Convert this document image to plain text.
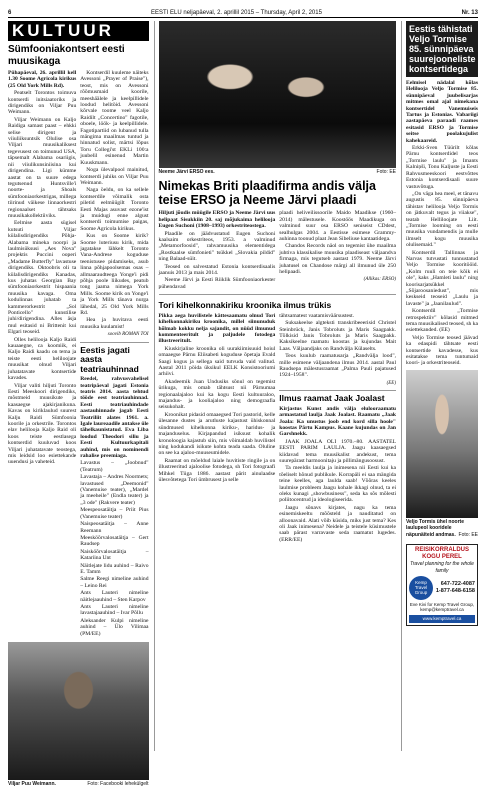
6	EESTI ELU neljapäeval, 2. aprillil 2015 – Thursday, April 2, 2015	Nr. 13
KULTUUR
Sümfooniakontsert eesti muusikaga

Pühapäeval, 26. aprillil kell 1.30 Soome Agricola kirikus (25 Old York Mills Rd).

Peatselt Torontos toimuva kontserdi initsiaatoriks ja dirigendiks on Viljar Puu Weimann.

Viljar Weimann on Kaljo Raidiga samast paast – ehkki selise dirigent ja viiuliiksuntsik Olulise osa Viljari muusikaliksest tegevusest on toimunud USA, täpsemalt Alabama osariigis, nii viiulikunsiniisina kui dirigendina. Ligi kümme aastat on ta suure edega tegutsenud Huntsville'i noorte- ja Shoals sümfooniaorkestrigas, millega tiirinud väikese linnaorkestri regionaalset tähtsaks muusikakollektiiviks.

Eelmise aasta sügisel kutsuti Viljar külalisdirigendiks Põhja-Alabama mineka noorpi ja laulmisüksusi „Aes Nova" projektis Puccini ooperi „Madame Butterfly" lavastuse dirigendiks. Oktoobris oli ta külalisdirigendiks Kanadas, kus juhatas Georgian Bay sümfooniaorkestrit hispaania muusika kavaga. Oma kodulinnas juhatab ta kammerorkestrit „Sol Ponticello" kunstilise juhi/dirigendina. Alles äsja mul esitasid ni Brittenit kui Elgari teoseid.

Olles heliloojа Kaljo Raidi kauaaegne, ca koomiik, ei Kaljo Raidi kaadu on tema ja teiste eesti heliloojate muusikat olnud Viljari juhatatavate kontsertide kavades.

Viljar valiti hiljuti Toronto Eesti Meeskoori dirigendiks, mõstmeid muusikute ja kaasaegse ajakirjanikuna. Kavas on kiriklaulud suurest Kalju Raidi Sümfoonia koorile ja orkestrile. Torontos elav helilooja Kaljo Raid oli koos teiste eestlasega kontserdid kuuluvad koos Viljari juhatatavate teostega, mis leidsid loo esiettekande uuendusi ja vaheteid.

Kontserdil kuuleme näiteks Avessoni „Prayer of Praise"), teost, mis on Avessoni rõõmusmaid koorile, meeshäälele ja keelpillidele loodud helitöid. Avessoni kõrvale toome veel Kaljo Raidilt „Concertino" fagotile, oboele, löök- ja keelpillidele. Fagotipartiid on lubanud tulla mängima maailmas tuntud ja hinnatud solist, märtsi lõpus Toru Collegi'st EKLi 100:a juubelil esinenud Martin Kuuskmann.

Noga ülevalpool mainitud, kontserdi juhiks on Viljar Puu Weimann.

Naga öeldu, on ka sellele kontserdile võimalik osta piletid eelmüügilt Toronto Eesti Majas asuvast ezone'ist ja muidugi enne algust kontserdi toimumise paigas, Soome Agricola kirikus.

Kus on Soome kirik? Soome luteriusu kirik, mida jagatakse lähkelt Toronto Vana-Andrese kogudusе teenistusеe pidamiseks, asub linna põhjapoolsemas osas – allmaaraudteega Yonge'i pidi põhja poole liikudes, peatub tong jaama nimega York Mills. Soome kirik on Yonge'i ja York Mills tänava nurga lähedal, 25 Old York Mills Rd.

Hea ja huvitava eesti muusika kuulamist!

soovib ROMAN TOI
Eestis jagati aasta teatriauhinnad

Reedel, rahvusvahelisel teatripäeval jagati Estonia teatris 2014. aasta tehtud tööde eest teatriauhinnad. Eesti teatriauhindade aastauhinnade jagab Eesti Teatriliit alates 1961. a. Igale laureaadile antakse üle tähelkaunistatud. Eva Liba loodud Theodori siliu ja Eesti Kultuurkapitali auhind, mis on nominendi rahalise preemiaga.

Lavastus – „Joobnud" (Teatrum)

Lavastaja – Andres Noormets; lavastused „Deemonid" (Vanemuise teater), „Mardel ja meeheile" (Endla teater) ja „3 ode" (Rakvere teater)

Meespeosatäitja – Priit Pius (Vanemuise teater)

Naispeosatäitja – Anne Reemann

Meesköõrvalosatäitja – Gert Raudsep

Naisköõrvalosatäitja – Katariina Unt

Näitlejate lidu auhind – Raivo E. Tamm

Salme Reegi nimeline auhind – Leino Rei

Ants Lauteri nimeline näitlejaauhind – Sten Karpov

Ants Lauteri nimeline lavastajaauhind – Ivar Põllu

Aleksander Kulpi nimeline auhind – Ülo Vilimaa (PM/EE)

Viljar Puu Weimann.	Foto: Facebooki lehekülgelt
Neeme Järvi ERSO ees.	Foto: EE
Nimekas Briti plaadifirma andis välja teise ERSO ja Neeme Järvi plaadi

Hiljuti jõudis müügile ERSO ja Neeme Järvi uus helipaat Sisukkiin 20. saj mõjukaima helilooja Eugen Suchoni (1908–1993) orkestriteostega.

Plaadile on jäädvustatud Eugen Suchoni kaalsaim orkestriteos, 1953. a valminud „Metamorfoosid", rahvamuusika elementidega „Rostkaalse sümfonieti" tsükkel „Slovakia pildid" ning Balaad-süit.

Teosed on salvestatud Estonia kontserdisaalis jaanuis 2013 ja mais 2014.

Neeme Järvi ja Eesti Riiklik Sümfooniaorkester pühendavad

plaadi heliveilissoorile Maido Maadikse (1960–2014) mälestusele. Koostöös Maadikuga on valminud suur osa ERSO seniseist CDdest, sealhulgas 2004. a Eestisse esimese Grammy-auhinna toonud plaat Jean Sibeliuse kantaatidega.

Chandos Records näol on tegemist ühe maailma juhtiva klassikalise muusika plaadiseast väljaandva firmaga, mis tegutseb aastast 1979. Neeme Järvi juhatusel on Chandose märgi all ilmunud üle 250 helipaadi.

(Allikas: ERSO)
Tori kihelkonnakiriku kroonika ilmus trükis

Pikka aega huvilistele kättesaamatu olnud Tori kihelkonnakiriku kroonika, millel siinunuduk hõlmab kokku neljа sajandit, on nüüd ilmunud kommenteeritult ja paljudele fotodega illustreeritult.

Kiuskirjaline kroonika oli uurakiimisuuid hoiul omaaegse Pärnu Eliisabeti kogudusе õpetaja Evald Saagi kogus ja sellega said tutvuda vaid valitud. Aastal 2011 pöida üksikul EELK Konsistooriumi arhiivi.

Akadeemik Juan Undusiks sõnul on tegemist ürikuga, mis omab tähtsust nii Pärnumaa regionaalajaloo kui ka kogu Eesti kultuuraloo, majandus- ja kooliajaloo ning demograafia seisukohalt.

Kroonikat pidasid omaaegsed Tori pastorid, kelle ülesanne dustes ja arutluste kajastust ühiskonnal sündmused kihelkonna kiriku-, haridus- ja majanduselus. Kirjapandud isiksust kohalik kronoloogia kajastub siin, mis võimaldab huvilistel ning kodukandi isikute kohta teada saada. Oluline on see ka ajaloo-muuseumidele.

Raamat on mõeldud laiale huvitiste ringile ja on illustreeritud ajaloolise fotodega, sh Tori fotograafi Mihkel Tiiga 1886. aastast pärit ainulaadse ülesvõtetega Tori ümbrusest ja selle

tähtsamatest vaatamisväärsustest.

Suksakeelse algteksti transkribeeerisid Christel Steinbrück, Janis Tobroluts ja Maris Saagpakk. Tõlkisid Janis Tobroluts ja Maris Saagpakk. Kaksikeelne raamatu koostas ja kujundas Mait Laas. Väljaandjaks on Randvälja Külaselts.

Teos kuulub raamatusarja „Randvälja lood", mille esimene väljaandena ilmus 2014. aastal Paul Raudsepa mälestusraamat „Palmа Pauli pajatused 1924–1958".

(EE)
Ilmus raamat Jaak Joalast

Kirjastus Kunst andis välja elulooraamatu armastatud laulja Jaak Joalast. Raamatu „Jaak Joala: Ka unustus joob end kord silla hoole" koostas Pärtu Kampus. Kaane kujundas on Jan Garshnekk.

JAAK JOALA OLI 1970.–80. AASTATEL EESTI PARIM LAULJA. Jaagu kaasaegsed kiidavad tema muusikalist andekust, tema suurepärast harmoonitaju ja pillimängusoosust.

Ta meeldis laulja ja inimesena nii Eesti kui ka tõeliselt hõnud publikule. Korrapäli ei saa mängida teine keelles, aga laulda saab! Võõras keeles laulmise probleem Jaagu kohale ikkagi olnud, ta ei oleks kunagi „showbusiness", seda ka sõs mõlesti poliitocentrud ja ideologiseerida.

Jaagu sõnаvs kirjаtes, nagu ka tema esinemiskeeltu mõõsteld ja nauditatud on alloonavaid. Alati võib küsida, miks just tema? Kes oli Jaak inimesenа? Neidele ja teistele küsimustele saab pärast varravaste seda raamatut lugedes. (ERR/EE)

Eestis tähistati Veljo Tormise 85. sünnipäeva suurejooneliste kontsertidega

Eelmisel nädalal kõlas Helilooja Veljo Tormise 85. sünnipäeval juubelisarjas mitmes omal ajal nimekana kontsertidel Vanemuiseis Tartus ja Estonias. Vabariigi aastapäeva paraadi raames esitasid ERSO ja Tormise seitse poolakujulist kahekaareid.

Erkki-Sven Tüürilt kõlas Pärnu kontserdidel teos „Tormise laulu" ja Imants Kalniņši, Tonu Kaljuste ja Eesti Rahvusmeeskoori eestvõttes Estonia kontserdisaali suure vastuvõtuga.

„On väga hea meel, et tänavu augustis 85. sünnipäeva tähistav helilooja Veljo Tormis on jätkuvalt tegus ja viiakse", teatab Helliloojate Liit. „Tormise looming on eesti muusika vundamendis ja mulle ilmselt kogu muusika olulisemaid."

Kontserdil Tallinnas ja Narvas tutvustati tunnustatud Veljo Tormise kooritööid. „Kolm ruuli on teie kõik ei ole", kaks „Hamleti laulu" ning koorisarjatsükkel „Sõjaroosaniedust", mis keskseid teoseid „Laulu ja lavaste" ja „Jaanilaulud".

Kontserdil „Tormise retrospektiiv" kõlasid mitmed tema muusikalised teosed, sh ka esiettekanded. (EE)

Veljo Tormise teosed jäävad ka edaspidi tähtsate eesti kontsertide kavadesse, kus esitatakse tema tuntumaid koori- ja orkestriteoseid.

Veljo Tormis ühel noorte laulupeol kooridele näpunäiteid andmas. Foto: EE
REISIKORRALDUS KOGU PEREL
Travel planning for the whole family
Kemp Travel Group
647-722-4087
1-877-648-6158
Eve Kivi for Kemp Travel Group, kemp@kemptravel.ca
www.kemptravel.ca
